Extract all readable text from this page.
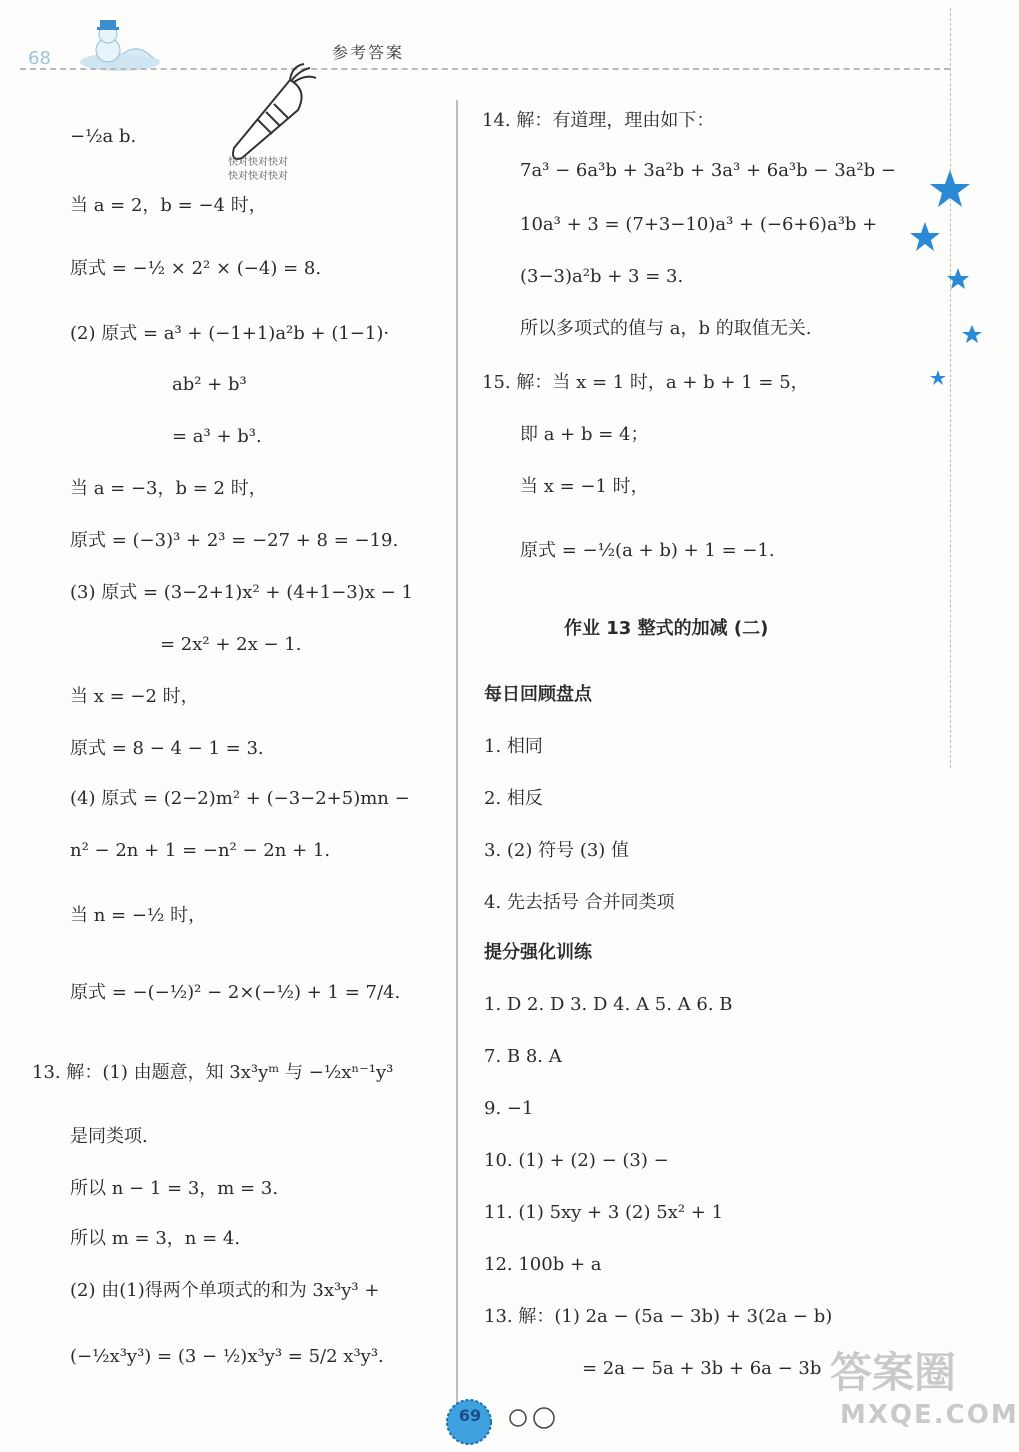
68	参考答案
快对快对快对
快对快对快对
−½a b.
当 a = 2，b = −4 时，
原式 = −½ × 2² × (−4) = 8.
(2) 原式 = a³ + (−1+1)a²b + (1−1)·
ab² + b³
= a³ + b³.
当 a = −3，b = 2 时，
原式 = (−3)³ + 2³ = −27 + 8 = −19.
(3) 原式 = (3−2+1)x² + (4+1−3)x − 1
= 2x² + 2x − 1.
当 x = −2 时，
原式 = 8 − 4 − 1 = 3.
(4) 原式 = (2−2)m² + (−3−2+5)mn −
n² − 2n + 1 = −n² − 2n + 1.
当 n = −½ 时，
原式 = −(−½)² − 2×(−½) + 1 = 7/4.
13. 解：(1) 由题意，知 3x³yᵐ 与 −½xⁿ⁻¹y³
是同类项.
所以 n − 1 = 3，m = 3.
所以 m = 3，n = 4.
(2) 由(1)得两个单项式的和为 3x³y³ +
(−½x³y³) = (3 − ½)x³y³ = 5/2 x³y³.
14. 解：有道理，理由如下：
7a³ − 6a³b + 3a²b + 3a³ + 6a³b − 3a²b −
10a³ + 3 = (7+3−10)a³ + (−6+6)a³b +
(3−3)a²b + 3 = 3.
所以多项式的值与 a，b 的取值无关.
15. 解：当 x = 1 时，a + b + 1 = 5，
即 a + b = 4；
当 x = −1 时，
原式 = −½(a + b) + 1 = −1.
作业 13 整式的加减 (二)
每日回顾盘点
1. 相同
2. 相反
3. (2) 符号 (3) 值
4. 先去括号 合并同类项
提分强化训练
1. D 2. D 3. D 4. A 5. A 6. B
7. B 8. A
9. −1
10. (1) + (2) − (3) −
11. (1) 5xy + 3 (2) 5x² + 1
12. 100b + a
13. 解：(1) 2a − (5a − 3b) + 3(2a − b)
= 2a − 5a + 3b + 6a − 3b
69
答案圈
MXQE.COM
